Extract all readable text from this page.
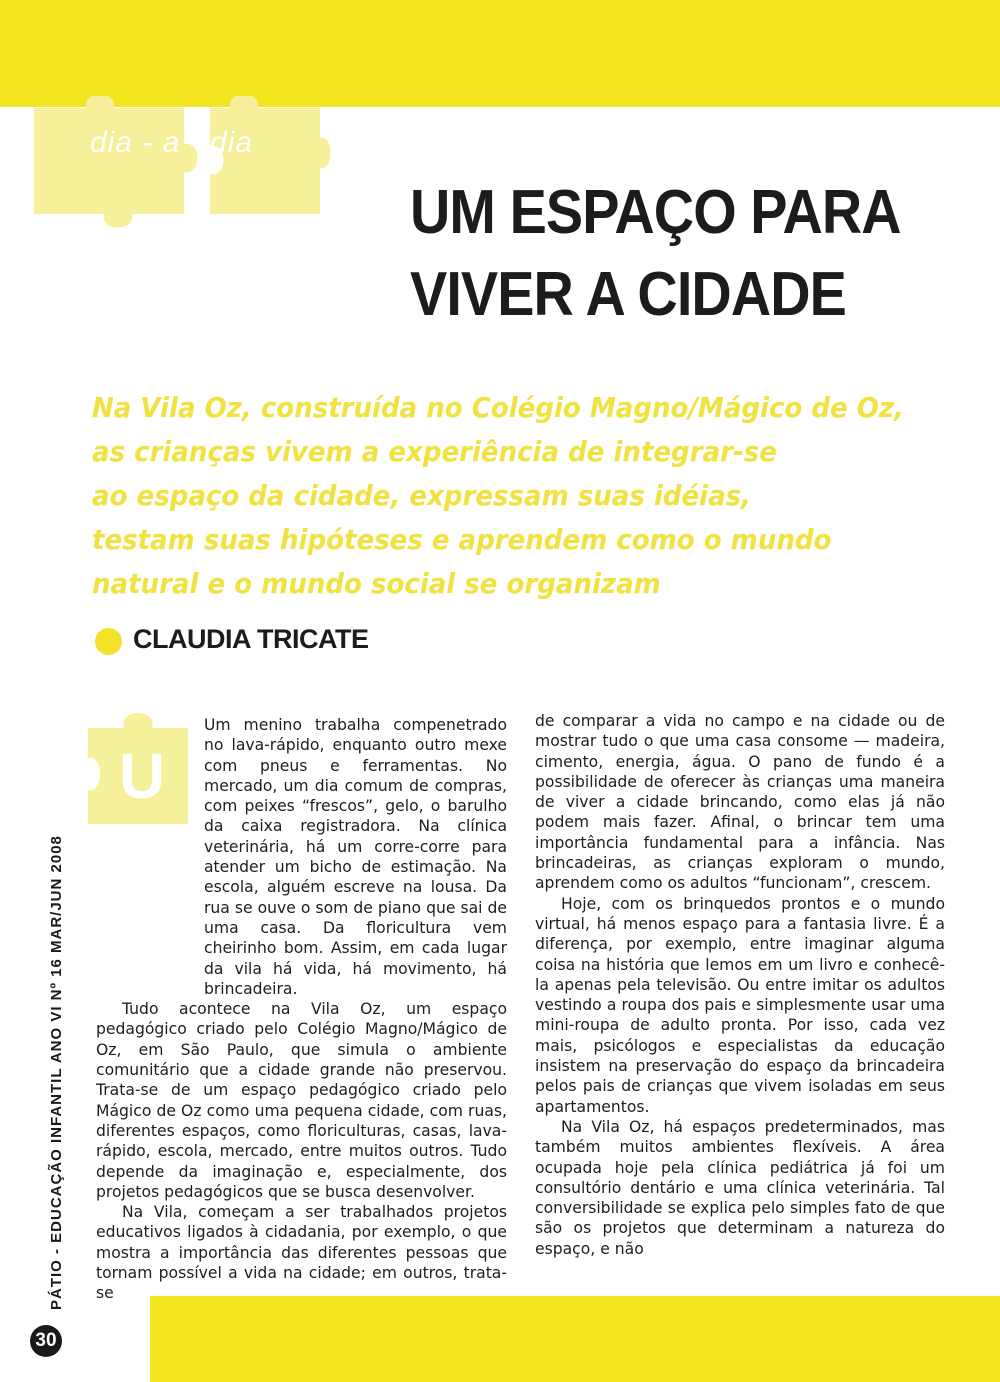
dia - a - dia
UM ESPAÇO PARA
VIVER A CIDADE
Na Vila Oz, construída no Colégio Magno/Mágico de Oz,
as crianças vivem a experiência de integrar-se
ao espaço da cidade, expressam suas idéias,
testam suas hipóteses e aprendem como o mundo
natural e o mundo social se organizam
CLAUDIA TRICATE
U

Um menino trabalha compenetrado no lava-rápido, enquanto outro mexe com pneus e ferramentas. No mercado, um dia comum de compras, com peixes “frescos”, gelo, o barulho da caixa registradora. Na clínica veterinária, há um corre-corre para atender um bicho de estimação. Na escola, alguém escreve na lousa. Da rua se ouve o som de piano que sai de uma casa. Da floricultura vem cheirinho bom. Assim, em cada lugar da vila há vida, há movimento, há brincadeira.

Tudo acontece na Vila Oz, um espaço pedagógico criado pelo Colégio Magno/Mágico de Oz, em São Paulo, que simula o ambiente comunitário que a cidade grande não preservou. Trata-se de um espaço pedagógico criado pelo Mágico de Oz como uma pequena cidade, com ruas, diferentes espaços, como floriculturas, casas, lava-rápido, escola, mercado, entre muitos outros. Tudo depende da imaginação e, especialmente, dos projetos pedagógicos que se busca desenvolver.

Na Vila, começam a ser trabalhados projetos educativos ligados à cidadania, por exemplo, o que mostra a importância das diferentes pessoas que tornam possível a vida na cidade; em outros, trata-se

de comparar a vida no campo e na cidade ou de mostrar tudo o que uma casa consome — madeira, cimento, energia, água. O pano de fundo é a possibilidade de oferecer às crianças uma maneira de viver a cidade brincando, como elas já não podem mais fazer. Afinal, o brincar tem uma importância fundamental para a infância. Nas brincadeiras, as crianças exploram o mundo, aprendem como os adultos “funcionam”, crescem.

Hoje, com os brinquedos prontos e o mundo virtual, há menos espaço para a fantasia livre. É a diferença, por exemplo, entre imaginar alguma coisa na história que lemos em um livro e conhecê-la apenas pela televisão. Ou entre imitar os adultos vestindo a roupa dos pais e simplesmente usar uma mini-roupa de adulto pronta. Por isso, cada vez mais, psicólogos e especialistas da educação insistem na preservação do espaço da brincadeira pelos pais de crianças que vivem isoladas em seus apartamentos.

Na Vila Oz, há espaços predeterminados, mas também muitos ambientes flexíveis. A área ocupada hoje pela clínica pediátrica já foi um consultório dentário e uma clínica veterinária. Tal conversibilidade se explica pelo simples fato de que são os projetos que determinam a natureza do espaço, e não

PÁTIO - EDUCAÇÃO INFANTIL ANO VI Nº 16 MAR/JUN 2008
30
